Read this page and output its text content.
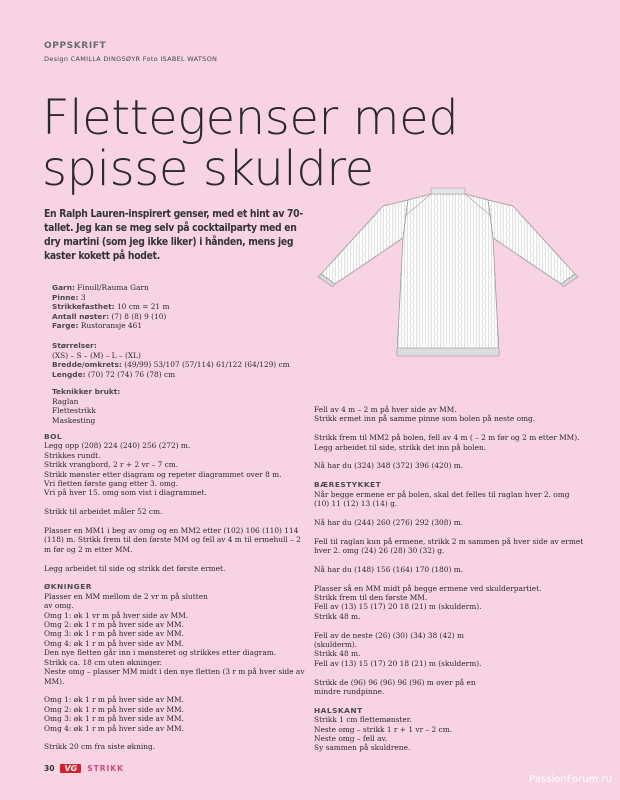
OPPSKRIFT
Design CAMILLA DINGSØYR Foto ISABEL WATSON
Flettegenser med spisse skuldre

En Ralph Lauren-inspirert genser, med et hint av 70-tallet. Jeg kan se meg selv på cocktailparty med en dry martini (som jeg ikke liker) i hånden, mens jeg kaster kokett på hodet.

Garn: Finull/Rauma Garn
Pinne: 3
Strikkefasthet: 10 cm = 21 m
Antall nøster: (7) 8 (8) 9 (10)
Farge: Rustoransje 461
Størrelser:
(XS) – S – (M) – L – (XL)
Bredde/omkrets: (49/99) 53/107 (57/114) 61/122 (64/129) cm
Lengde: (70) 72 (74) 76 (78) cm
Teknikker brukt:
Raglan
Flettestrikk
Maskesting
BOL

Legg opp (208) 224 (240) 256 (272) m.
Strikkes rundt.
Strikk vrangbord, 2 r + 2 vr – 7 cm.
Strikk mønster etter diagram og repeter diagrammet over 8 m.
Vri fletten første gang etter 3. omg.
Vri på hver 15. omg som vist i diagrammet.

Strikk til arbeidet måler 52 cm.

Plasser en MM1 i beg av omg og en MM2 etter (102) 106 (110) 114 (118) m. Strikk frem til den første MM og fell av 4 m til ermehull – 2 m før og 2 m etter MM.

Legg arbeidet til side og strikk det første ermet.

ØKNINGER

Plasser en MM mellom de 2 vr m på slutten
av omg.
Omg 1: øk 1 vr m på hver side av MM.
Omg 2: øk 1 r m på hver side av MM.
Omg 3: øk 1 r m på hver side av MM.
Omg 4: øk 1 r m på hver side av MM.
Den nye fletten går inn i mønsteret og strikkes etter diagram.
Strikk ca. 18 cm uten økninger.
Neste omg – plasser MM midt i den nye fletten (3 r m på hver side av MM).

Omg 1: øk 1 r m på hver side av MM.
Omg 2: øk 1 r m på hver side av MM.
Omg 3: øk 1 r m på hver side av MM.
Omg 4: øk 1 r m på hver side av MM.

Strikk 20 cm fra siste økning.

Fell av 4 m – 2 m på hver side av MM.
Strikk ermet inn på samme pinne som bolen på neste omg.

Strikk frem til MM2 på bolen, fell av 4 m ( – 2 m før og 2 m etter MM). Legg arbeidet til side, strikk det inn på bolen.

Nå har du (324) 348 (372) 396 (420) m.

BÆRESTYKKET

Når begge ermene er på bolen, skal det felles til raglan hver 2. omg (10) 11 (12) 13 (14) g.

Nå har du (244) 260 (276) 292 (308) m.

Fell til raglan kun på ermene, strikk 2 m sammen på hver side av ermet hver 2. omg (24) 26 (28) 30 (32) g.

Nå har du (148) 156 (164) 170 (180) m.

Plasser så en MM midt på begge ermene ved skulderpartiet.
Strikk frem til den første MM.
Fell av (13) 15 (17) 20 18 (21) m (skulderm).
Strikk 48 m.

Fell av de neste (26) (30) (34) 38 (42) m
(skulderm).
Strikk 48 m.
Fell av (13) 15 (17) 20 18 (21) m (skulderm).

Strikk de (96) 96 (96) 96 (96) m over på en
mindre rundpinne.

HALSKANT

Strikk 1 cm flettemønster.
Neste omg – strikk 1 r + 1 vr – 2 cm.
Neste omg – fell av.
Sy sammen på skuldrene.

30	VG	STRIKK
PassionForum.ru
